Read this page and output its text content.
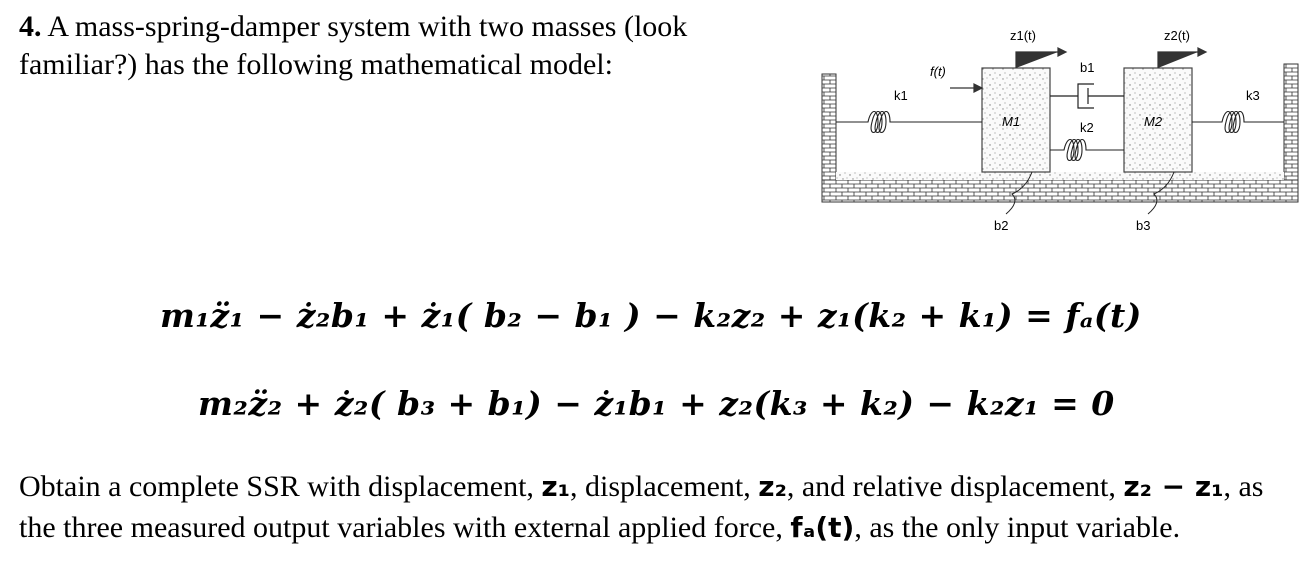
4. A mass-spring-damper system with two masses (look familiar?) has the following mathematical model:
z1(t)	z2(t)
f(t)
k1
k2
k3
b1
b2	b3
M1	M2
m₁z̈₁ − ż₂b₁ + ż₁( b₂ − b₁ ) − k₂z₂ + z₁(k₂ + k₁) = fₐ(t)
m₂z̈₂ + ż₂( b₃ + b₁) − ż₁b₁ + z₂(k₃ + k₂) − k₂z₁ = 0
Obtain a complete SSR with displacement, z₁, displacement, z₂, and relative displacement, z₂ − z₁, as the three measured output variables with external applied force, fₐ(t), as the only input variable.
